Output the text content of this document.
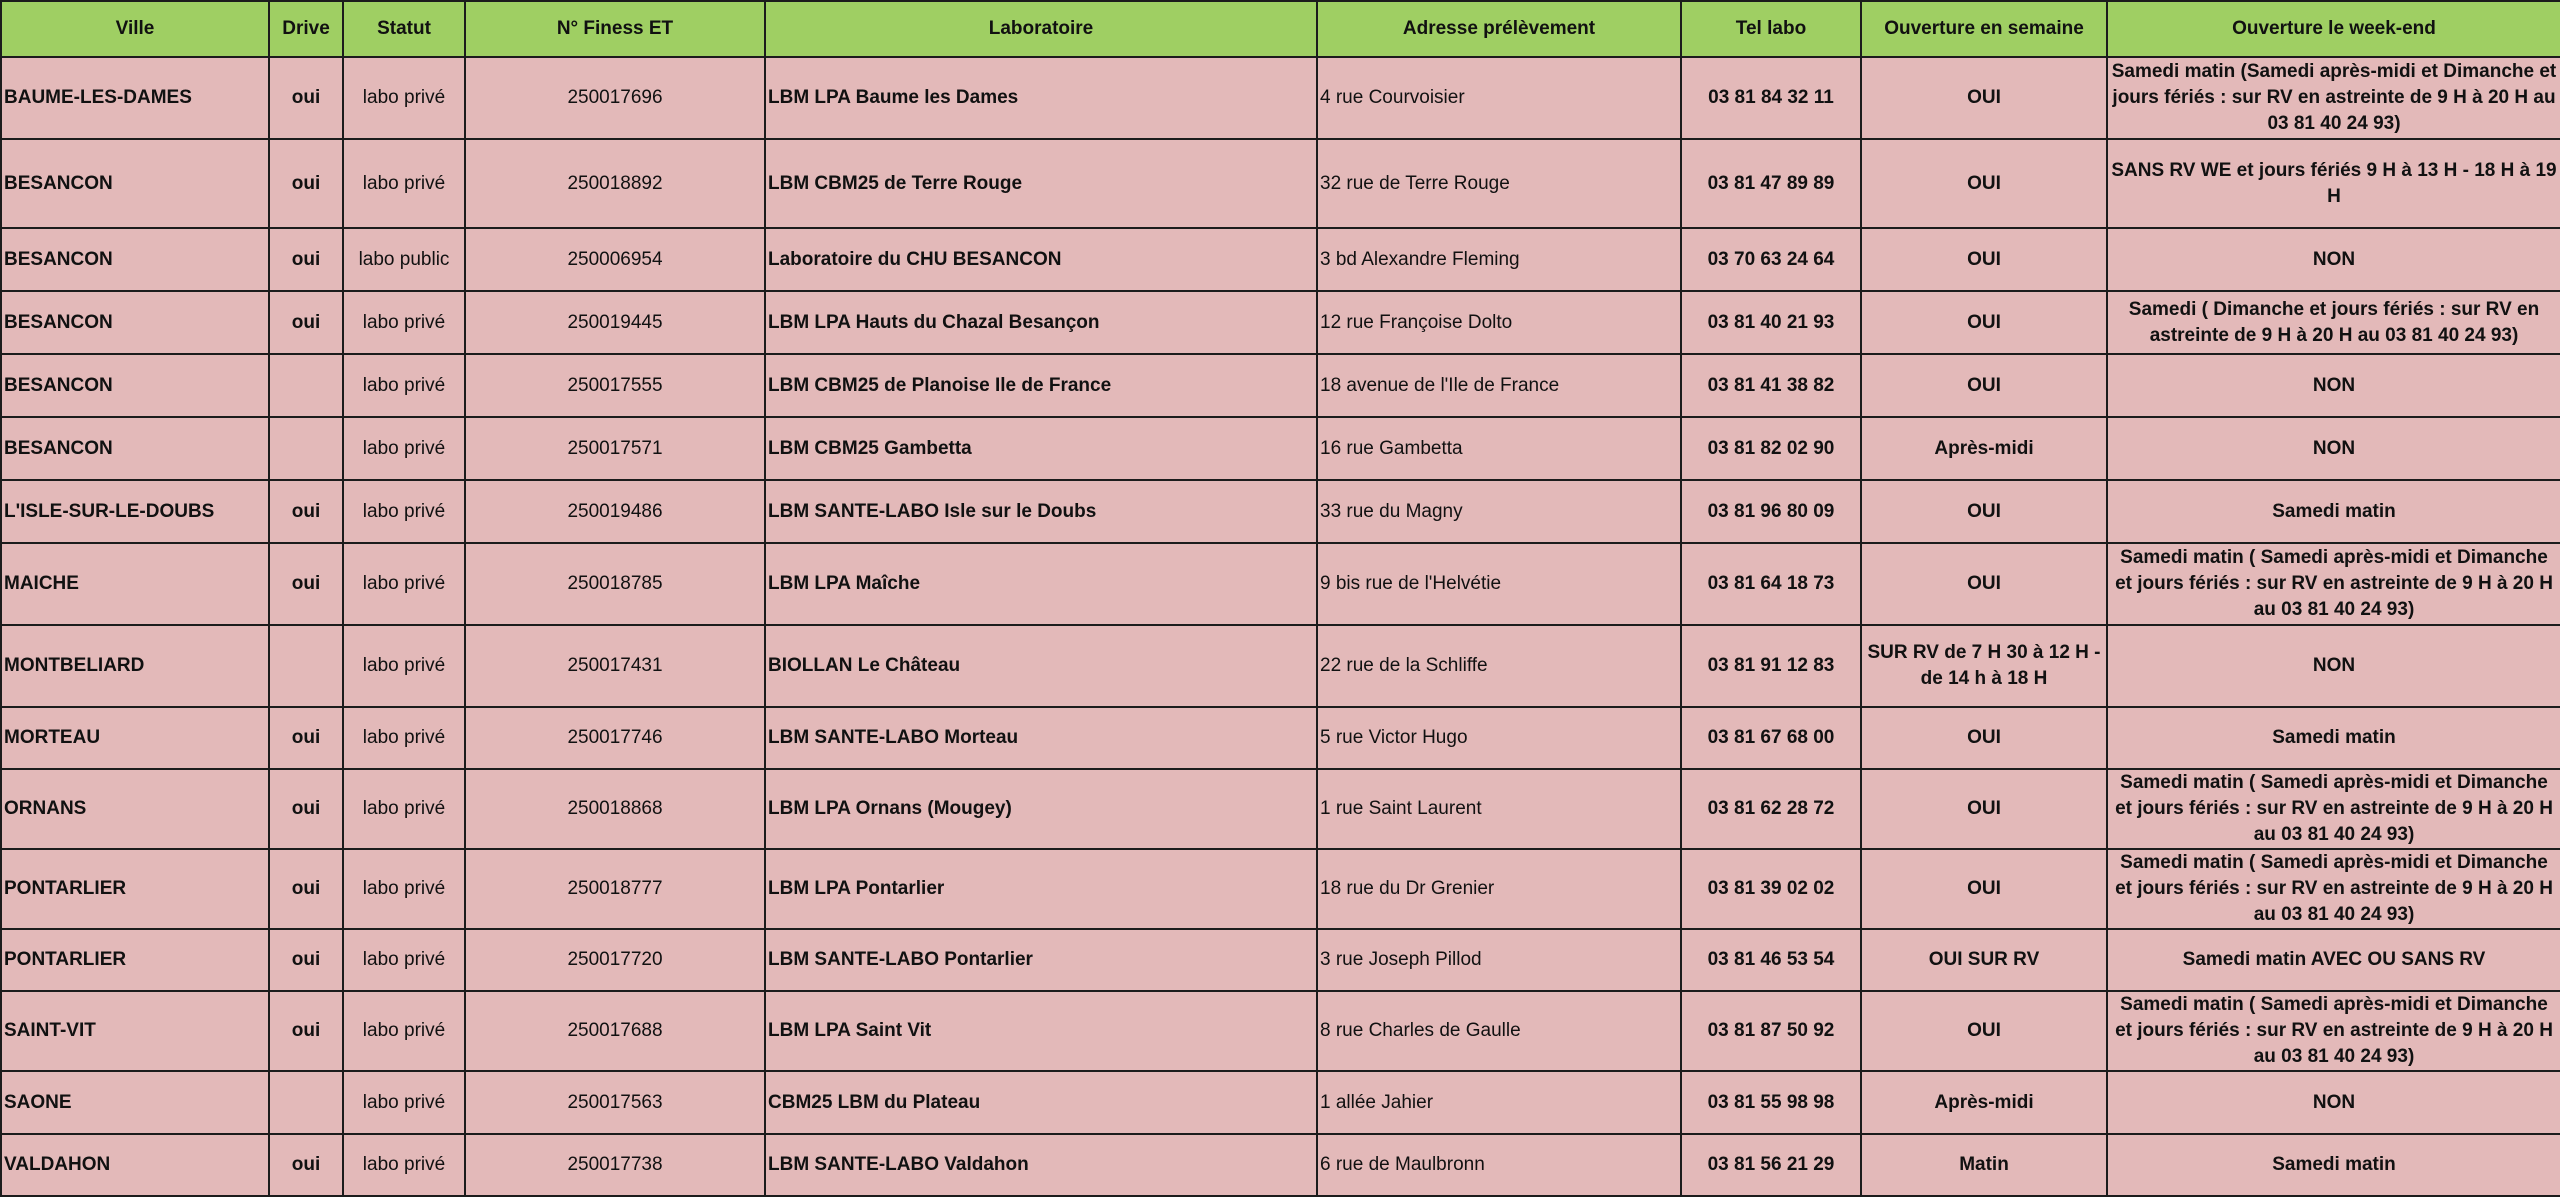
Ville	Drive	Statut	N° Finess ET	Laboratoire	Adresse prélèvement	Tel labo	Ouverture en semaine	Ouverture le week-end
BAUME-LES-DAMES	oui	labo privé	250017696	LBM LPA Baume les Dames	4 rue Courvoisier	03 81 84 32 11	OUI	Samedi matin (Samedi après-midi et Dimanche et jours fériés : sur RV en astreinte de 9 H à 20 H au 03 81 40 24 93)
BESANCON	oui	labo privé	250018892	LBM CBM25 de Terre Rouge	32 rue de Terre Rouge	03 81 47 89 89	OUI	SANS RV WE et jours fériés 9 H à 13 H - 18 H à 19 H
BESANCON	oui	labo public	250006954	Laboratoire du CHU BESANCON	3 bd Alexandre Fleming	03 70 63 24 64	OUI	NON
BESANCON	oui	labo privé	250019445	LBM LPA Hauts du Chazal Besançon	12 rue Françoise Dolto	03 81 40 21 93	OUI	Samedi ( Dimanche et jours fériés : sur RV en astreinte de 9 H à 20 H au 03 81 40 24 93)
BESANCON		labo privé	250017555	LBM CBM25 de Planoise Ile de France	18 avenue de l'Ile de France	03 81 41 38 82	OUI	NON
BESANCON		labo privé	250017571	LBM CBM25 Gambetta	16 rue Gambetta	03 81 82 02 90	Après-midi	NON
L'ISLE-SUR-LE-DOUBS	oui	labo privé	250019486	LBM SANTE-LABO Isle sur le Doubs	33 rue du Magny	03 81 96 80 09	OUI	Samedi matin
MAICHE	oui	labo privé	250018785	LBM LPA Maîche	9 bis rue de l'Helvétie	03 81 64 18 73	OUI	Samedi matin ( Samedi après-midi et Dimanche et jours fériés : sur RV en astreinte de 9 H à 20 H au 03 81 40 24 93)
MONTBELIARD		labo privé	250017431	BIOLLAN Le Château	22 rue de la Schliffe	03 81 91 12 83	SUR RV de 7 H 30 à 12 H - de 14 h à 18 H	NON
MORTEAU	oui	labo privé	250017746	LBM SANTE-LABO Morteau	5 rue Victor Hugo	03 81 67 68 00	OUI	Samedi matin
ORNANS	oui	labo privé	250018868	LBM LPA Ornans (Mougey)	1 rue Saint Laurent	03 81 62 28 72	OUI	Samedi matin ( Samedi après-midi et Dimanche et jours fériés : sur RV en astreinte de 9 H à 20 H au 03 81 40 24 93)
PONTARLIER	oui	labo privé	250018777	LBM LPA Pontarlier	18 rue du Dr Grenier	03 81 39 02 02	OUI	Samedi matin ( Samedi après-midi et Dimanche et jours fériés : sur RV en astreinte de 9 H à 20 H au 03 81 40 24 93)
PONTARLIER	oui	labo privé	250017720	LBM SANTE-LABO Pontarlier	3 rue Joseph Pillod	03 81 46 53 54	OUI SUR RV	Samedi matin AVEC OU SANS RV
SAINT-VIT	oui	labo privé	250017688	LBM LPA Saint Vit	8 rue Charles de Gaulle	03 81 87 50 92	OUI	Samedi matin ( Samedi après-midi et Dimanche et jours fériés : sur RV en astreinte de 9 H à 20 H au 03 81 40 24 93)
SAONE		labo privé	250017563	CBM25 LBM du Plateau	1 allée Jahier	03 81 55 98 98	Après-midi	NON
VALDAHON	oui	labo privé	250017738	LBM SANTE-LABO Valdahon	6 rue de Maulbronn	03 81 56 21 29	Matin	Samedi matin
